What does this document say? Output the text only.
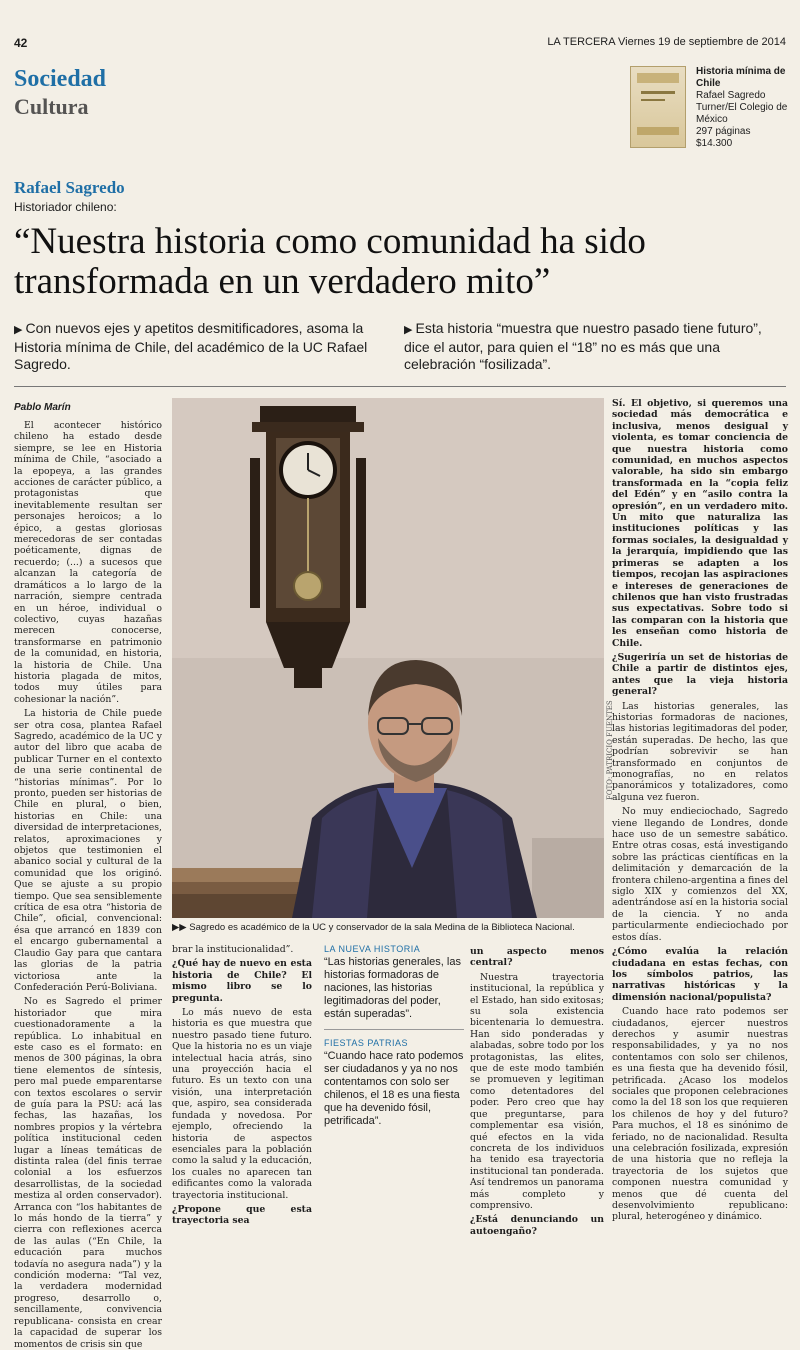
42	LA TERCERA Viernes 19 de septiembre de 2014
Sociedad
Cultura
Historia mínima de Chile
Rafael Sagredo
Turner/El Colegio de México
297 páginas
$14.300
Rafael Sagredo
Historiador chileno:
“Nuestra historia como comunidad ha sido transformada en un verdadero mito”
▶ Con nuevos ejes y apetitos desmitificadores, asoma la Historia mínima de Chile, del académico de la UC Rafael Sagredo.
▶ Esta historia “muestra que nuestro pasado tiene futuro”, dice el autor, para quien el “18” no es más que una celebración “fosilizada”.
Pablo Marín

El acontecer histórico chileno ha estado desde siempre, se lee en Historia mínima de Chile, “asociado a la epopeya, a las grandes acciones de carácter público, a protagonistas que inevitablemente resultan ser personajes heroicos; a lo épico, a gestas gloriosas merecedoras de ser contadas poéticamente, dignas de recuerdo; (...) a sucesos que alcanzan la categoría de dramáticos a lo largo de la narración, siempre centrada en un héroe, individual o colectivo, cuyas hazañas merecen conocerse, transformarse en patrimonio de la comunidad, en historia, la historia de Chile. Una historia plagada de mitos, todos muy útiles para cohesionar la nación”.

La historia de Chile puede ser otra cosa, plantea Rafael Sagredo, académico de la UC y autor del libro que acaba de publicar Turner en el contexto de una serie continental de “historias mínimas”. Por lo pronto, pueden ser historias de Chile en plural, o bien, historias en Chile: una diversidad de interpretaciones, relatos, aproximaciones y objetos que testimonien el abanico social y cultural de la comunidad que los originó. Que se ajuste a su propio tiempo. Que sea sensiblemente crítica de esa otra “historia de Chile”, oficial, convencional: ésa que arrancó en 1839 con el encargo gubernamental a Claudio Gay para que cantara las glorias de la patria victoriosa ante la Confederación Perú-Boliviana.

No es Sagredo el primer historiador que mira cuestionadoramente a la república. Lo inhabitual en este caso es el formato: en menos de 300 páginas, la obra tiene elementos de síntesis, pero mal puede emparentarse con textos escolares o servir de guía para la PSU: acá las fechas, las hazañas, los nombres propios y la vértebra política institucional ceden lugar a líneas temáticas de distinta ralea (del finis terrae colonial a los esfuerzos desarrollistas, de la sociedad mestiza al orden conservador). Arranca con “los habitantes de lo más hondo de la tierra” y cierra con reflexiones acerca de las aulas (“En Chile, la educación para muchos todavía no asegura nada”) y la condición moderna: “Tal vez, la verdadera modernidad progreso, desarrollo o, sencillamente, convivencia republicana- consista en crear la capacidad de superar los momentos de crisis sin que

FOTO: PATRICIO FUENTES
▶▶ Sagredo es académico de la UC y conservador de la sala Medina de la Biblioteca Nacional.

brar la institucionalidad”.

¿Qué hay de nuevo en esta historia de Chile? El mismo libro se lo pregunta.

Lo más nuevo de esta historia es que muestra que nuestro pasado tiene futuro. Que la historia no es un viaje intelectual hacia atrás, sino una proyección hacia el futuro. Es un texto con una visión, una interpretación que, aspiro, sea considerada fundada y novedosa. Por ejemplo, ofreciendo la historia de aspectos esenciales para la población como la salud y la educación, los cuales no aparecen tan edificantes como la valorada trayectoria institucional.

¿Propone que esta trayectoria sea

LA NUEVA HISTORIA
“Las historias generales, las historias formadoras de naciones, las historias legitimadoras del poder, están superadas”.
FIESTAS PATRIAS
“Cuando hace rato podemos ser ciudadanos y ya no nos contentamos con solo ser chilenos, el 18 es una fiesta que ha devenido fósil, petrificada”.

un aspecto menos central?

Nuestra trayectoria institucional, la república y el Estado, han sido exitosas; su sola existencia bicentenaria lo demuestra. Han sido ponderadas y alabadas, sobre todo por los protagonistas, las elites, que de este modo también se promueven y legitiman como detentadores del poder. Pero creo que hay que preguntarse, para complementar esa visión, qué efectos en la vida concreta de los individuos ha tenido esa trayectoria institucional tan ponderada. Así tendremos un panorama más completo y comprensivo.

¿Está denunciando un autoengaño?

Sí. El objetivo, si queremos una sociedad más democrática e inclusiva, menos desigual y violenta, es tomar conciencia de que nuestra historia como comunidad, en muchos aspectos valorable, ha sido sin embargo transformada en la “copia feliz del Edén” y en “asilo contra la opresión”, en un verdadero mito. Un mito que naturaliza las instituciones políticas y las formas sociales, la desigualdad y la jerarquía, impidiendo que las primeras se adapten a los tiempos, recojan las aspiraciones e intereses de generaciones de chilenos que han visto frustradas sus expectativas. Sobre todo si las comparan con la historia que les enseñan como historia de Chile.

¿Sugeriría un set de historias de Chile a partir de distintos ejes, antes que la vieja historia general?

Las historias generales, las historias formadoras de naciones, las historias legitimadoras del poder, están superadas. De hecho, las que podrían sobrevivir se han transformado en conjuntos de monografías, no en relatos panorámicos y totalizadores, como alguna vez fueron.

No muy endieciochado, Sagredo viene llegando de Londres, donde hace uso de un semestre sabático. Entre otras cosas, está investigando sobre las prácticas científicas en la delimitación y demarcación de la frontera chileno-argentina a fines del siglo XIX y comienzos del XX, adentrándose así en la historia social de la ciencia. Y no anda particularmente endieciochado por estos días.

¿Cómo evalúa la relación ciudadana en estas fechas, con los símbolos patrios, las narrativas históricas y la dimensión nacional/populista?

Cuando hace rato podemos ser ciudadanos, ejercer nuestros derechos y asumir nuestras responsabilidades, y ya no nos contentamos con solo ser chilenos, es una fiesta que ha devenido fósil, petrificada. ¿Acaso los modelos sociales que proponen celebraciones como la del 18 son los que requieren los chilenos de hoy y del futuro? Para muchos, el 18 es sinónimo de feriado, no de nacionalidad. Resulta una celebración fosilizada, expresión de una historia que no refleja la trayectoria de los sujetos que componen nuestra comunidad y menos que dé cuenta del desenvolvimiento republicano: plural, heterogéneo y dinámico.
